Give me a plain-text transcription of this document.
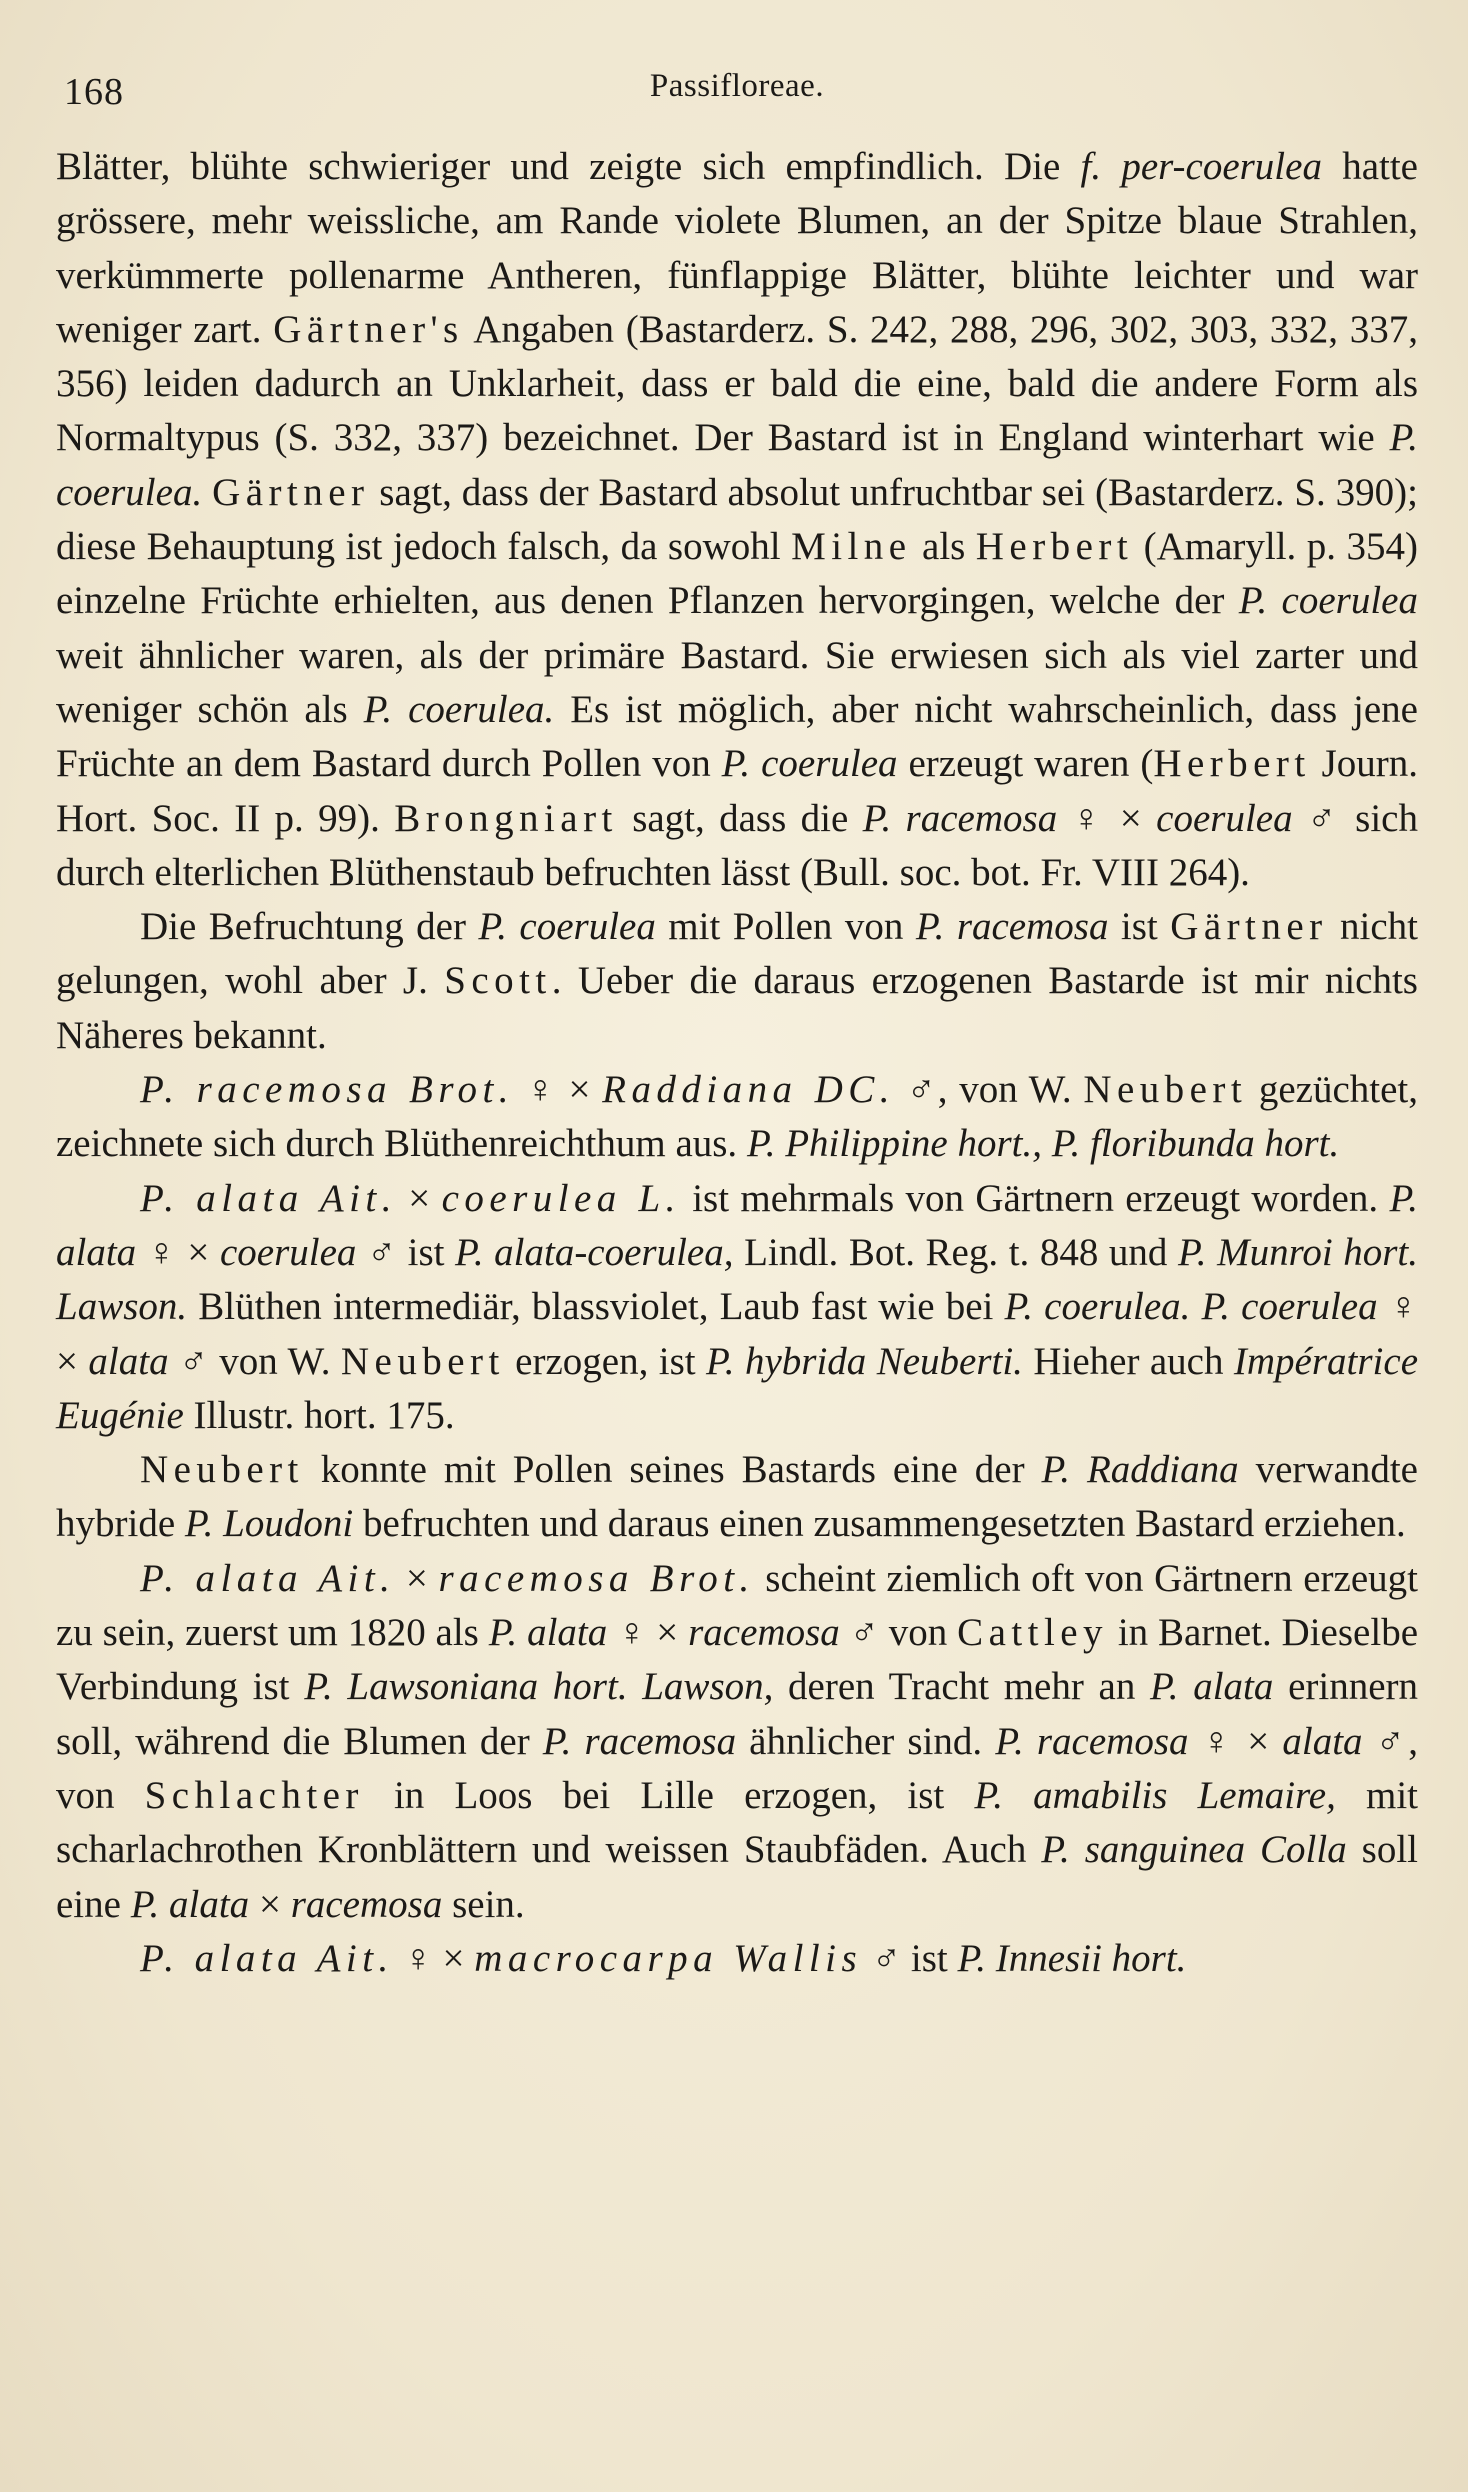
168	Passifloreae.

Blätter, blühte schwieriger und zeigte sich empfindlich. Die f. per-coerulea hatte grössere, mehr weissliche, am Rande violete Blumen, an der Spitze blaue Strahlen, verkümmerte pollenarme Antheren, fünflappige Blätter, blühte leichter und war weniger zart. Gärtner's Angaben (Bastarderz. S. 242, 288, 296, 302, 303, 332, 337, 356) leiden dadurch an Unklarheit, dass er bald die eine, bald die andere Form als Normaltypus (S. 332, 337) bezeichnet. Der Bastard ist in England winterhart wie P. coerulea. Gärtner sagt, dass der Bastard absolut unfruchtbar sei (Bastarderz. S. 390); diese Behauptung ist jedoch falsch, da sowohl Milne als Herbert (Amaryll. p. 354) einzelne Früchte erhielten, aus denen Pflanzen hervorgingen, welche der P. coerulea weit ähnlicher waren, als der primäre Bastard. Sie erwiesen sich als viel zarter und weniger schön als P. coerulea. Es ist möglich, aber nicht wahrscheinlich, dass jene Früchte an dem Bastard durch Pollen von P. coerulea erzeugt waren (Herbert Journ. Hort. Soc. II p. 99). Brongniart sagt, dass die P. racemosa ♀ × coerulea ♂ sich durch elterlichen Blüthenstaub befruchten lässt (Bull. soc. bot. Fr. VIII 264).

Die Befruchtung der P. coerulea mit Pollen von P. racemosa ist Gärtner nicht gelungen, wohl aber J. Scott. Ueber die daraus erzogenen Bastarde ist mir nichts Näheres bekannt.

P. racemosa Brot. ♀ × Raddiana DC. ♂, von W. Neubert gezüchtet, zeichnete sich durch Blüthenreichthum aus. P. Philippine hort., P. floribunda hort.

P. alata Ait. × coerulea L. ist mehrmals von Gärtnern erzeugt worden. P. alata ♀ × coerulea ♂ ist P. alata-coerulea, Lindl. Bot. Reg. t. 848 und P. Munroi hort. Lawson. Blüthen intermediär, blassviolet, Laub fast wie bei P. coerulea. P. coerulea ♀ × alata ♂ von W. Neubert erzogen, ist P. hybrida Neuberti. Hieher auch Impératrice Eugénie Illustr. hort. 175.

Neubert konnte mit Pollen seines Bastards eine der P. Raddiana verwandte hybride P. Loudoni befruchten und daraus einen zusammengesetzten Bastard erziehen.

P. alata Ait. × racemosa Brot. scheint ziemlich oft von Gärtnern erzeugt zu sein, zuerst um 1820 als P. alata ♀ × racemosa ♂ von Cattley in Barnet. Dieselbe Verbindung ist P. Lawsoniana hort. Lawson, deren Tracht mehr an P. alata erinnern soll, während die Blumen der P. racemosa ähnlicher sind. P. racemosa ♀ × alata ♂, von Schlachter in Loos bei Lille erzogen, ist P. amabilis Lemaire, mit scharlachrothen Kronblättern und weissen Staubfäden. Auch P. sanguinea Colla soll eine P. alata × racemosa sein.

P. alata Ait. ♀ × macrocarpa Wallis ♂ ist P. Innesii hort.
